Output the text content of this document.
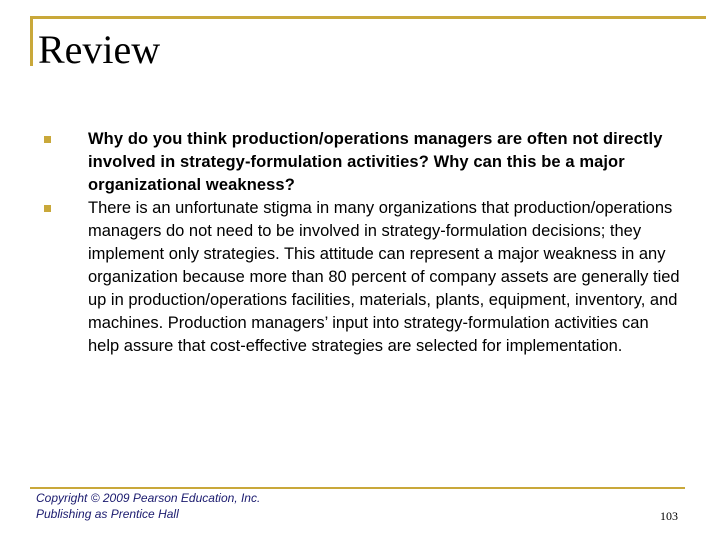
Review
Why do you think production/operations managers are often not directly involved in strategy-formulation activities? Why can this be a major organizational weakness?
There is an unfortunate stigma in many organizations that production/operations managers do not need to be involved in strategy-formulation decisions; they implement only strategies. This attitude can represent a major weakness in any organization because more than 80 percent of company assets are generally tied up in production/operations facilities, materials, plants, equipment, inventory, and machines. Production managers’ input into strategy-formulation activities can help assure that cost-effective strategies are selected for implementation.
Copyright © 2009 Pearson Education, Inc.
Publishing as Prentice Hall	103
